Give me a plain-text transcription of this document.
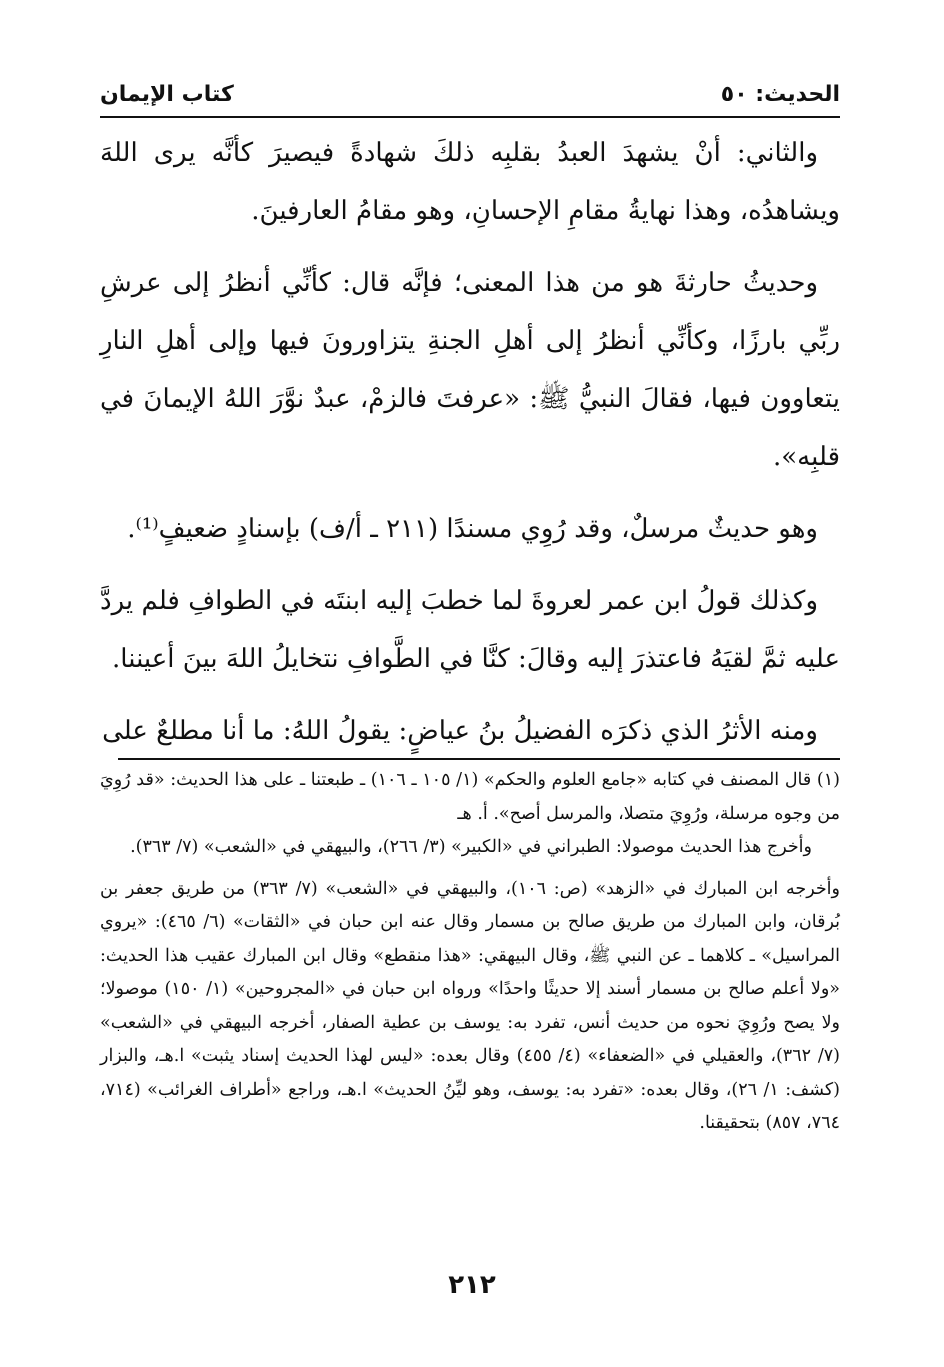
الحديث: ٥٠
كتاب الإيمان

والثاني: أنْ يشهدَ العبدُ بقلبِه ذلكَ شهادةً فيصيرَ كأنَّه يرى اللهَ ويشاهدُه، وهذا نهايةُ مقامِ الإحسانِ، وهو مقامُ العارفينَ.

وحديثُ حارثةَ هو من هذا المعنى؛ فإنَّه قال: كأنِّي أنظرُ إلى عرشِ ربِّي بارزًا، وكأنِّي أنظرُ إلى أهلِ الجنةِ يتزاورونَ فيها وإلى أهلِ النارِ يتعاوون فيها، فقالَ النبيُّ ﷺ: «عرفتَ فالزمْ، عبدٌ نوَّرَ اللهُ الإيمانَ في قلبِه».

وهو حديثٌ مرسلٌ، وقد رُوِي مسندًا (٢١١ ـ أ/ف) بإسنادٍ ضعيفٍ⁽¹⁾.

وكذلك قولُ ابن عمر لعروةَ لما خطبَ إليه ابنتَه في الطوافِ فلم يردَّ عليه ثمَّ لقيَهُ فاعتذرَ إليه وقالَ: كنَّا في الطَّوافِ نتخايلُ اللهَ بينَ أعيننا.

ومنه الأثرُ الذي ذكرَه الفضيلُ بنُ عياضٍ: يقولُ اللهُ: ما أنا مطلعٌ على

(١) قال المصنف في كتابه «جامع العلوم والحكم» (١/ ١٠٥ ـ ١٠٦) ـ طبعتنا ـ على هذا الحديث: «قد رُوِيَ من وجوه مرسلة، ورُوِيَ متصلا، والمرسل أصح». أ. هـ

وأخرج هذا الحديث موصولا: الطبراني في «الكبير» (٣/ ٢٦٦)، والبيهقي في «الشعب» (٧/ ٣٦٣).

وأخرجه ابن المبارك في «الزهد» (ص: ١٠٦)، والبيهقي في «الشعب» (٧/ ٣٦٣) من طريق جعفر بن بُرقان، وابن المبارك من طريق صالح بن مسمار وقال عنه ابن حبان في «الثقات» (٦/ ٤٦٥): «يروي المراسيل» ـ كلاهما ـ عن النبي ﷺ، وقال البيهقي: «هذا منقطع» وقال ابن المبارك عقيب هذا الحديث: «ولا أعلم صالح بن مسمار أسند إلا حديثًا واحدًا» ورواه ابن حبان في «المجروحين» (١/ ١٥٠) موصولا؛ ولا يصح ورُوِيَ نحوه من حديث أنس، تفرد به: يوسف بن عطية الصفار، أخرجه البيهقي في «الشعب» (٧/ ٣٦٢)، والعقيلي في «الضعفاء» (٤/ ٤٥٥) وقال بعده: «ليس لهذا الحديث إسناد يثبت» ا.هـ، والبزار (كشف: ١/ ٢٦)، وقال بعده: «تفرد به: يوسف، وهو ليِّنُ الحديث» ا.هـ، وراجع «أطراف الغرائب» (٧١٤، ٧٦٤، ٨٥٧) بتحقيقنا.

٢١٢
